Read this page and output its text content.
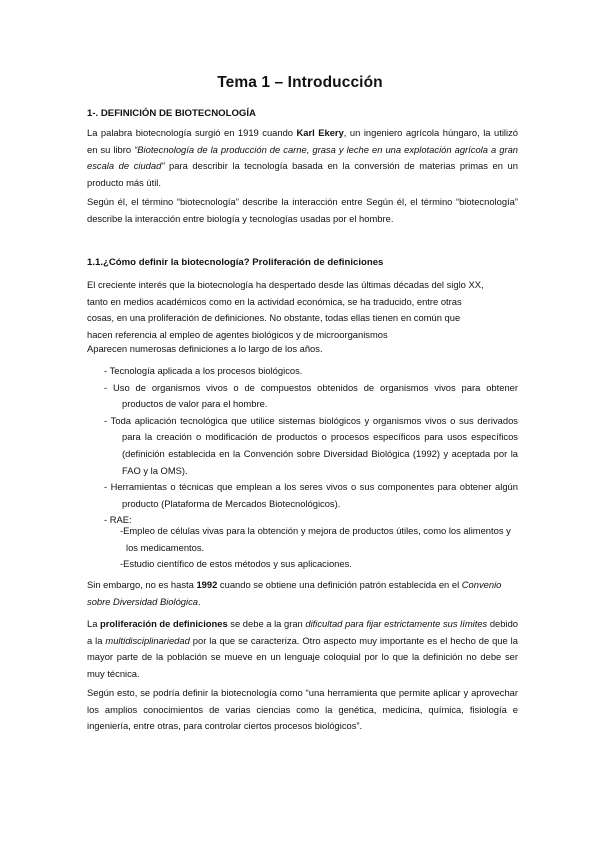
Tema 1 – Introducción
1-. DEFINICIÓN DE BIOTECNOLOGÍA

La palabra biotecnología surgió en 1919 cuando Karl Ekery, un ingeniero agrícola húngaro, la utilizó en su libro “Biotecnología de la producción de carne, grasa y leche en una explotación agrícola a gran escala de ciudad” para describir la tecnología basada en la conversión de materias primas en un producto más útil.

Según él, el término “biotecnología” describe la interacción entre Según él, el término “biotecnología” describe la interacción entre biología y tecnologías usadas por el hombre.

1.1.¿Cómo definir la biotecnología? Proliferación de definiciones
El creciente interés que la biotecnología ha despertado desde las últimas décadas del siglo XX,
tanto en medios académicos como en la actividad económica, se ha traducido, entre otras
cosas, en una proliferación de definiciones. No obstante, todas ellas tienen en común que
hacen referencia al empleo de agentes biológicos y de microorganismos
Aparecen numerosas definiciones a lo largo de los años.
- Tecnología aplicada a los procesos biológicos.
- Uso de organismos vivos o de compuestos obtenidos de organismos vivos para obtener productos de valor para el hombre.
- Toda aplicación tecnológica que utilice sistemas biológicos y organismos vivos o sus derivados para la creación o modificación de productos o procesos específicos para usos específicos (definición establecida en la Convención sobre Diversidad Biológica (1992) y aceptada por la FAO y la OMS).
- Herramientas o técnicas que emplean a los seres vivos o sus componentes para obtener algún producto (Plataforma de Mercados Biotecnológicos).
- RAE:
-Empleo de células vivas para la obtención y mejora de productos útiles, como los alimentos y los medicamentos.
-Estudio científico de estos métodos y sus aplicaciones.

Sin embargo, no es hasta 1992 cuando se obtiene una definición patrón establecida en el Convenio sobre Diversidad Biológica.

La proliferación de definiciones se debe a la gran dificultad para fijar estrictamente sus límites debido a la multidisciplinariedad por la que se caracteriza. Otro aspecto muy importante es el hecho de que la mayor parte de la población se mueve en un lenguaje coloquial por lo que la definición no debe ser muy técnica.

Según esto, se podría definir la biotecnología como “una herramienta que permite aplicar y aprovechar los amplios conocimientos de varias ciencias como la genética, medicina, química, fisiología e ingeniería, entre otras, para controlar ciertos procesos biológicos”.
